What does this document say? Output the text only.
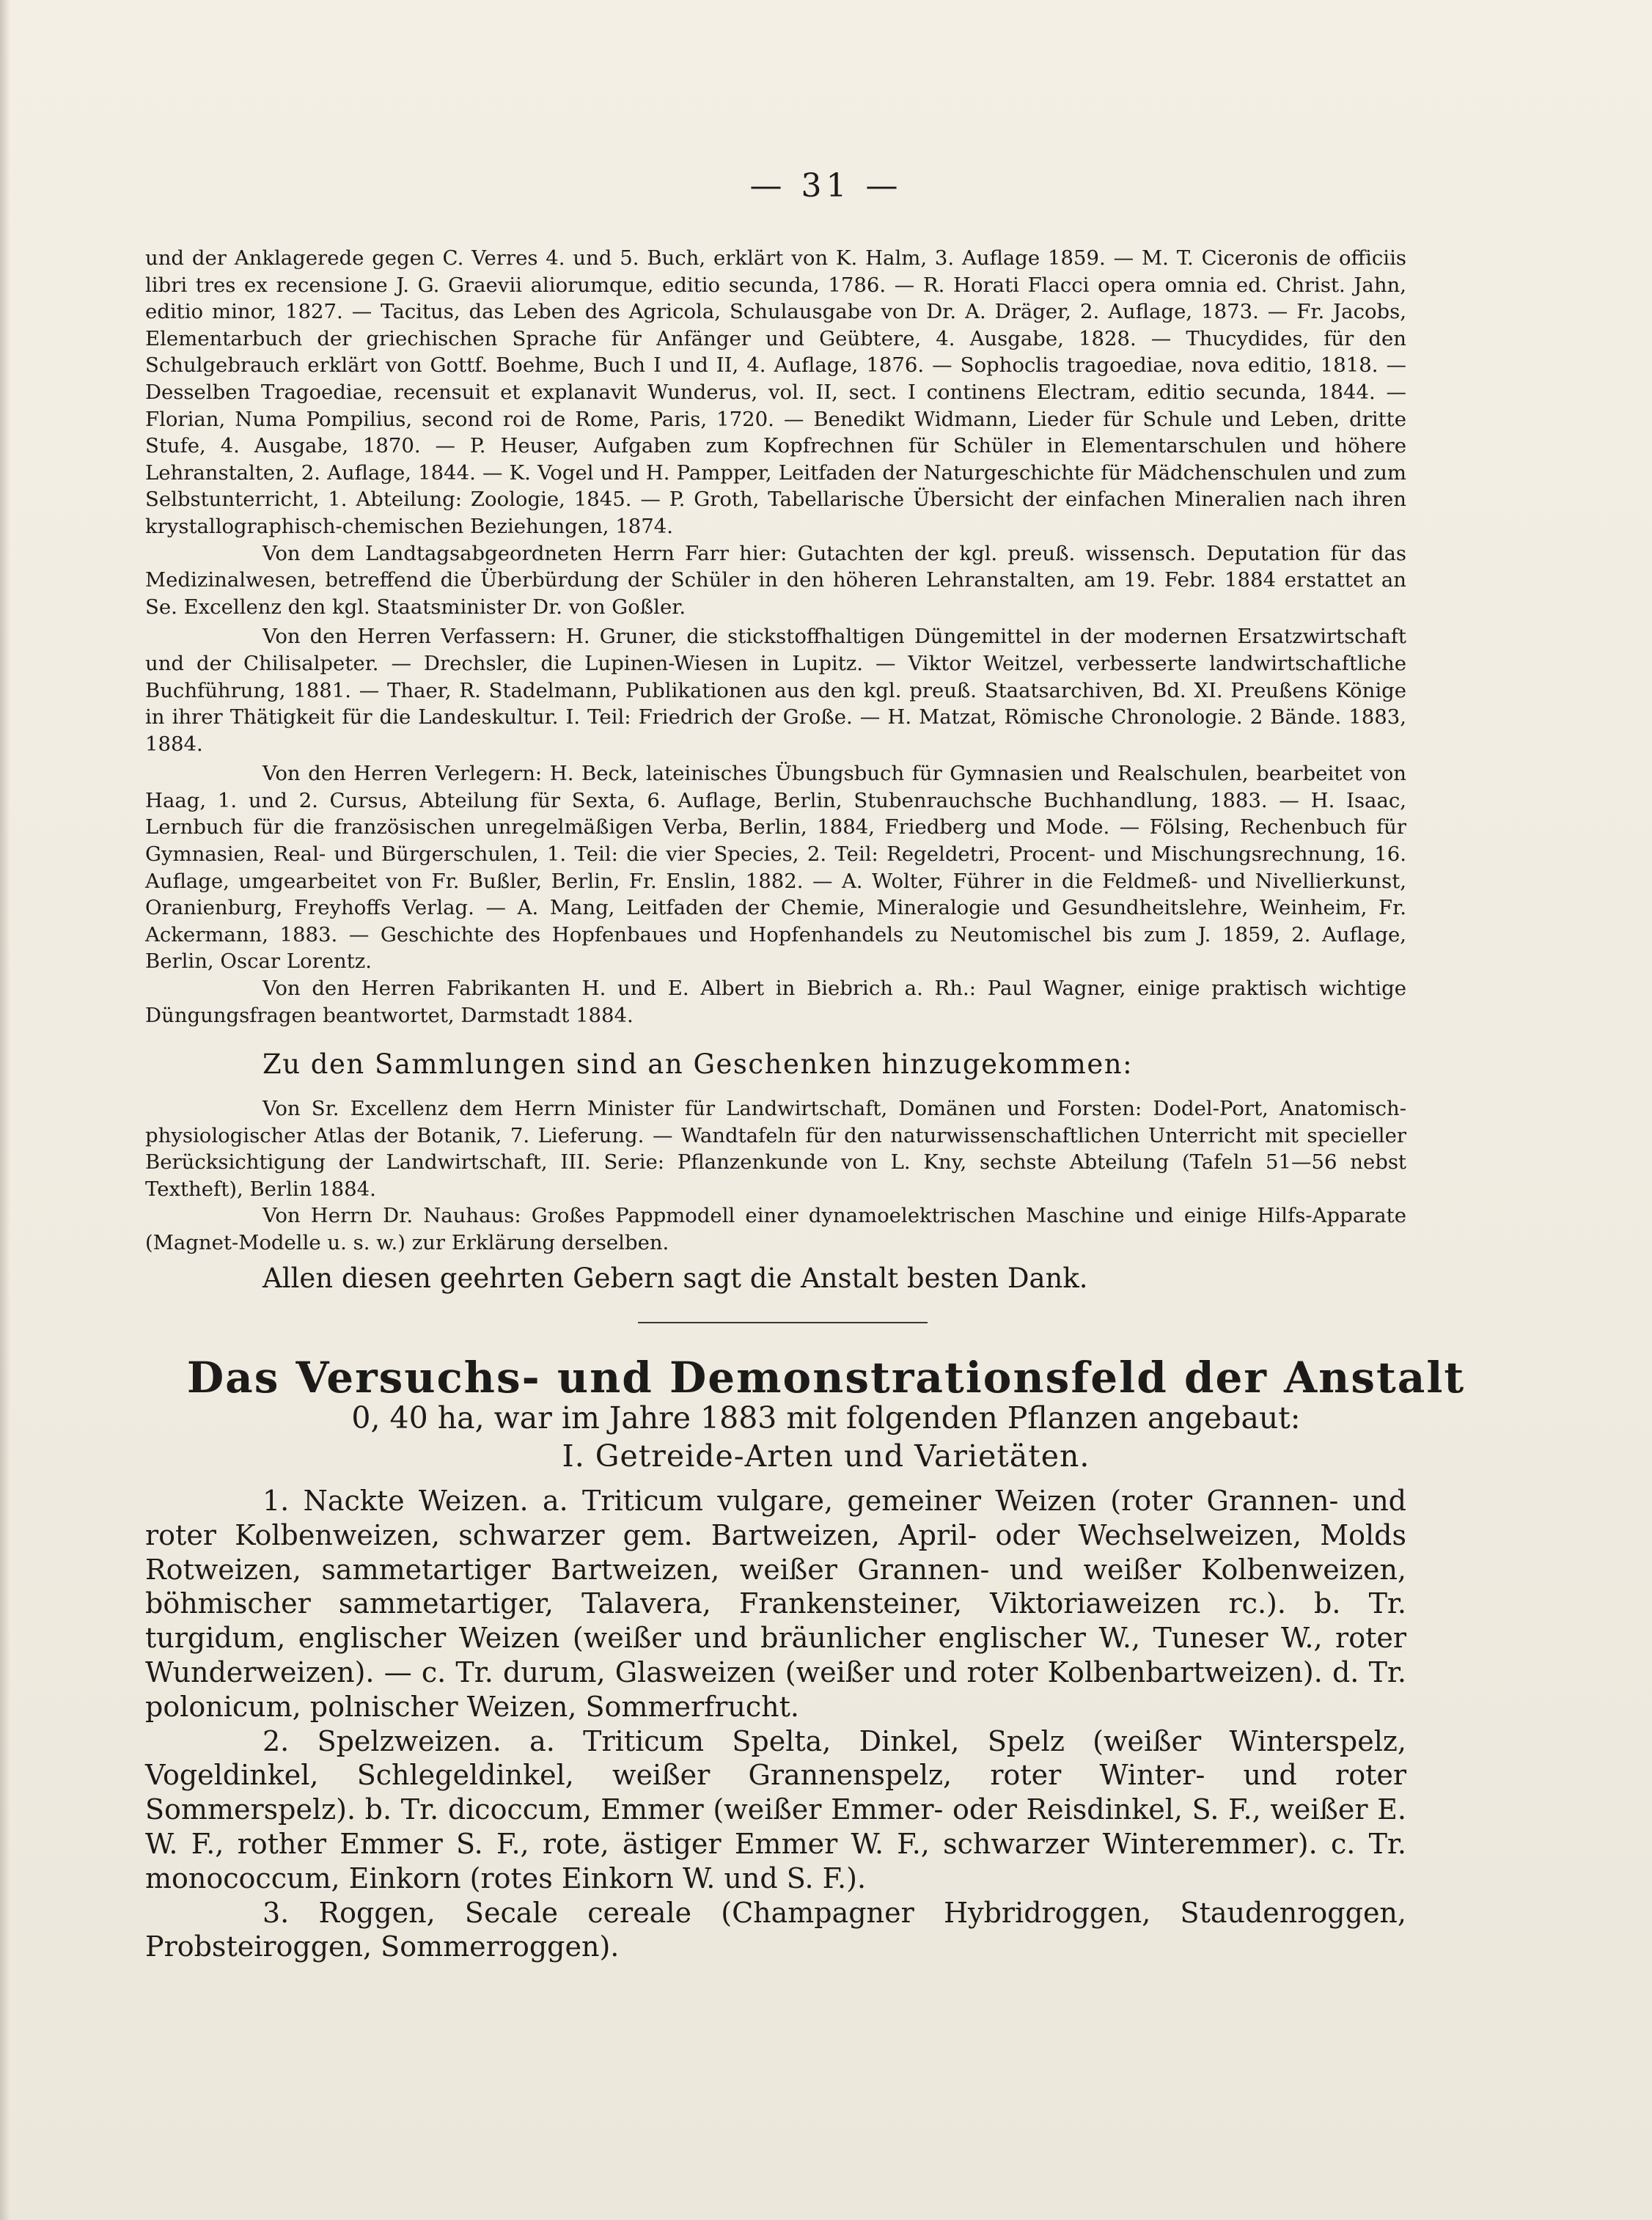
— 31 —

und der Anklagerede gegen C. Verres 4. und 5. Buch, erklärt von K. Halm, 3. Auflage 1859. — M. T. Ciceronis de officiis libri tres ex recensione J. G. Graevii aliorumque, editio secunda, 1786. — R. Horati Flacci opera omnia ed. Christ. Jahn, editio minor, 1827. — Tacitus, das Leben des Agricola, Schulausgabe von Dr. A. Dräger, 2. Auflage, 1873. — Fr. Jacobs, Elementarbuch der griechischen Sprache für Anfänger und Geübtere, 4. Ausgabe, 1828. — Thucydides, für den Schulgebrauch erklärt von Gottf. Boehme, Buch I und II, 4. Auflage, 1876. — Sophoclis tragoediae, nova editio, 1818. — Desselben Tragoediae, recensuit et explanavit Wunderus, vol. II, sect. I continens Electram, editio secunda, 1844. — Florian, Numa Pompilius, second roi de Rome, Paris, 1720. — Benedikt Widmann, Lieder für Schule und Leben, dritte Stufe, 4. Ausgabe, 1870. — P. Heuser, Aufgaben zum Kopfrechnen für Schüler in Elementarschulen und höhere Lehranstalten, 2. Auflage, 1844. — K. Vogel und H. Pampper, Leitfaden der Naturgeschichte für Mädchenschulen und zum Selbstunterricht, 1. Abteilung: Zoologie, 1845. — P. Groth, Tabellarische Übersicht der einfachen Mineralien nach ihren krystallographisch-chemischen Beziehungen, 1874.

Von dem Landtagsabgeordneten Herrn Farr hier: Gutachten der kgl. preuß. wissensch. Deputation für das Medizinalwesen, betreffend die Überbürdung der Schüler in den höheren Lehranstalten, am 19. Febr. 1884 erstattet an Se. Excellenz den kgl. Staatsminister Dr. von Goßler.

Von den Herren Verfassern: H. Gruner, die stickstoffhaltigen Düngemittel in der modernen Ersatzwirtschaft und der Chilisalpeter. — Drechsler, die Lupinen-Wiesen in Lupitz. — Viktor Weitzel, verbesserte landwirtschaftliche Buchführung, 1881. — Thaer, R. Stadelmann, Publikationen aus den kgl. preuß. Staatsarchiven, Bd. XI. Preußens Könige in ihrer Thätigkeit für die Landeskultur. I. Teil: Friedrich der Große. — H. Matzat, Römische Chronologie. 2 Bände. 1883, 1884.

Von den Herren Verlegern: H. Beck, lateinisches Übungsbuch für Gymnasien und Realschulen, bearbeitet von Haag, 1. und 2. Cursus, Abteilung für Sexta, 6. Auflage, Berlin, Stubenrauchsche Buchhandlung, 1883. — H. Isaac, Lernbuch für die französischen unregelmäßigen Verba, Berlin, 1884, Friedberg und Mode. — Fölsing, Rechenbuch für Gymnasien, Real- und Bürgerschulen, 1. Teil: die vier Species, 2. Teil: Regeldetri, Procent- und Mischungsrechnung, 16. Auflage, umgearbeitet von Fr. Bußler, Berlin, Fr. Enslin, 1882. — A. Wolter, Führer in die Feldmeß- und Nivellierkunst, Oranienburg, Freyhoffs Verlag. — A. Mang, Leitfaden der Chemie, Mineralogie und Gesundheitslehre, Weinheim, Fr. Ackermann, 1883. — Geschichte des Hopfenbaues und Hopfenhandels zu Neutomischel bis zum J. 1859, 2. Auflage, Berlin, Oscar Lorentz.

Von den Herren Fabrikanten H. und E. Albert in Biebrich a. Rh.: Paul Wagner, einige praktisch wichtige Düngungsfragen beantwortet, Darmstadt 1884.

Zu den Sammlungen sind an Geschenken hinzugekommen:

Von Sr. Excellenz dem Herrn Minister für Landwirtschaft, Domänen und Forsten: Dodel-Port, Anatomisch-physiologischer Atlas der Botanik, 7. Lieferung. — Wandtafeln für den naturwissenschaftlichen Unterricht mit specieller Berücksichtigung der Landwirtschaft, III. Serie: Pflanzenkunde von L. Kny, sechste Abteilung (Tafeln 51—56 nebst Textheft), Berlin 1884.

Von Herrn Dr. Nauhaus: Großes Pappmodell einer dynamoelektrischen Maschine und einige Hilfs-Apparate (Magnet-Modelle u. s. w.) zur Erklärung derselben.

Allen diesen geehrten Gebern sagt die Anstalt besten Dank.
Das Versuchs- und Demonstrationsfeld der Anstalt
0, 40 ha, war im Jahre 1883 mit folgenden Pflanzen angebaut:
I. Getreide-Arten und Varietäten.

1. Nackte Weizen. a. Triticum vulgare, gemeiner Weizen (roter Grannen- und roter Kolbenweizen, schwarzer gem. Bartweizen, April- oder Wechselweizen, Molds Rotweizen, sammetartiger Bartweizen, weißer Grannen- und weißer Kolbenweizen, böhmischer sammetartiger, Talavera, Frankensteiner, Viktoriaweizen rc.). b. Tr. turgidum, englischer Weizen (weißer und bräunlicher englischer W., Tuneser W., roter Wunderweizen). — c. Tr. durum, Glasweizen (weißer und roter Kolbenbartweizen). d. Tr. polonicum, polnischer Weizen, Sommerfrucht.

2. Spelzweizen. a. Triticum Spelta, Dinkel, Spelz (weißer Winterspelz, Vogeldinkel, Schlegeldinkel, weißer Grannenspelz, roter Winter- und roter Sommerspelz). b. Tr. dicoccum, Emmer (weißer Emmer- oder Reisdinkel, S. F., weißer E. W. F., rother Emmer S. F., rote, ästiger Emmer W. F., schwarzer Winteremmer). c. Tr. monococcum, Einkorn (rotes Einkorn W. und S. F.).

3. Roggen, Secale cereale (Champagner Hybridroggen, Staudenroggen, Probsteiroggen, Sommerroggen).
